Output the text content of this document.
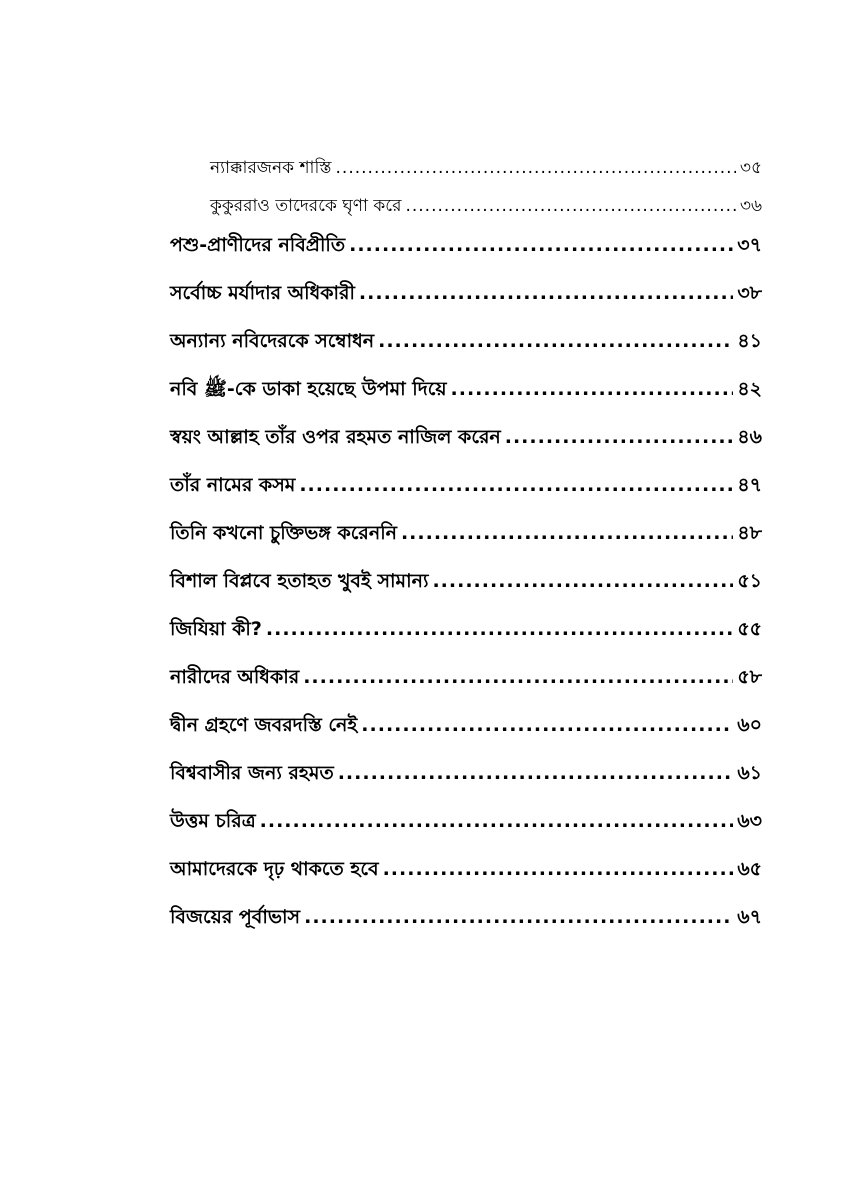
ন্যাক্কারজনক শাস্তি .....	৩৫
কুকুররাও তাদেরকে ঘৃণা করে .....	৩৬
পশু-প্রাণীদের নবিপ্রীতি .....	৩৭
সর্বোচ্চ মর্যাদার অধিকারী .....	৩৮
অন্যান্য নবিদেরকে সম্বোধন .....	৪১
নবি ﷺ-কে ডাকা হয়েছে উপমা দিয়ে .....	৪২
স্বয়ং আল্লাহ তাঁর ওপর রহমত নাজিল করেন .....	৪৬
তাঁর নামের কসম .....	৪৭
তিনি কখনো চুক্তিভঙ্গ করেননি .....	৪৮
বিশাল বিপ্লবে হতাহত খুবই সামান্য .....	৫১
জিযিয়া কী? .....	৫৫
নারীদের অধিকার .....	৫৮
দ্বীন গ্রহণে জবরদস্তি নেই .....	৬০
বিশ্ববাসীর জন্য রহমত .....	৬১
উত্তম চরিত্র .....	৬৩
আমাদেরকে দৃঢ় থাকতে হবে .....	৬৫
বিজয়ের পূর্বাভাস .....	৬৭
